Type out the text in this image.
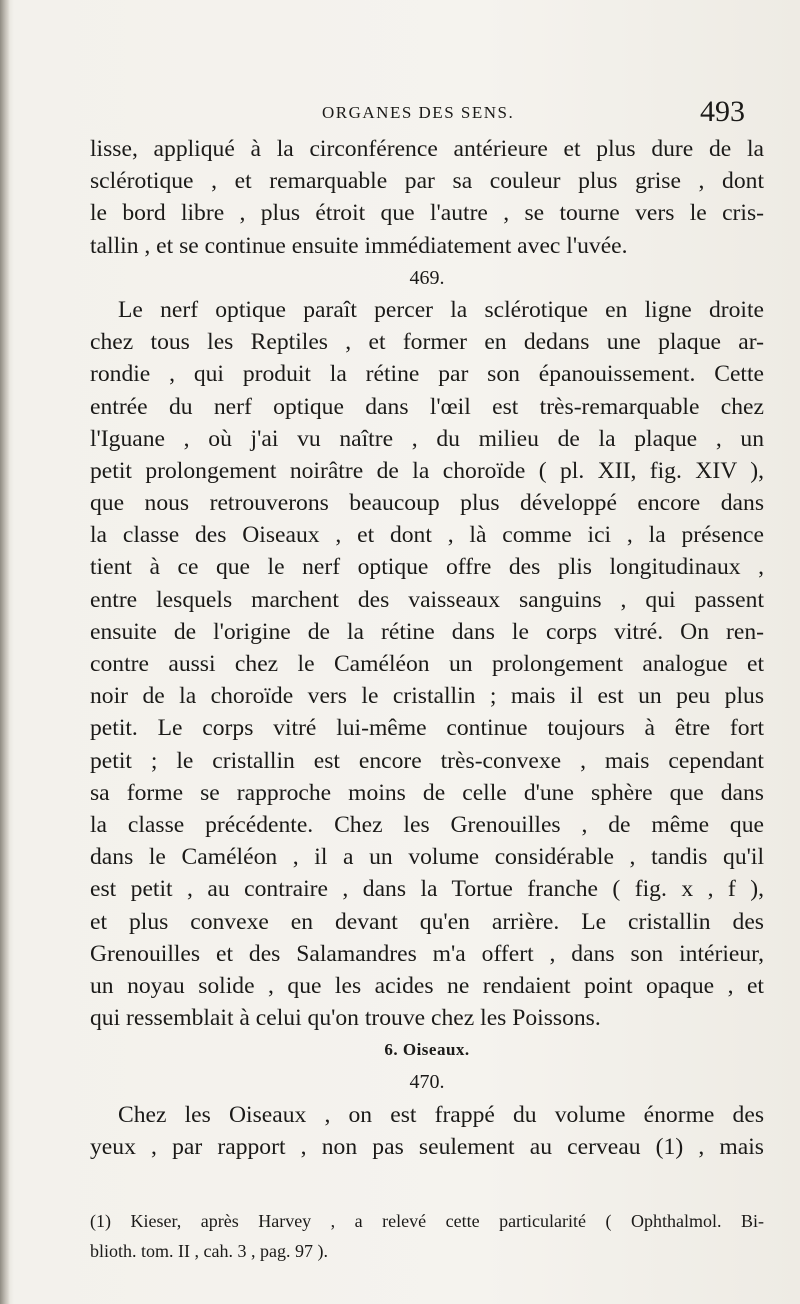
ORGANES DES SENS.	493
lisse, appliqué à la circonférence antérieure et plus dure de la
sclérotique , et remarquable par sa couleur plus grise , dont
le bord libre , plus étroit que l'autre , se tourne vers le cris-
tallin , et se continue ensuite immédiatement avec l'uvée.
469.
Le nerf optique paraît percer la sclérotique en ligne droite
chez tous les Reptiles , et former en dedans une plaque ar-
rondie , qui produit la rétine par son épanouissement. Cette
entrée du nerf optique dans l'œil est très-remarquable chez
l'Iguane , où j'ai vu naître , du milieu de la plaque , un
petit prolongement noirâtre de la choroïde ( pl. XII, fig. XIV ),
que nous retrouverons beaucoup plus développé encore dans
la classe des Oiseaux , et dont , là comme ici , la présence
tient à ce que le nerf optique offre des plis longitudinaux ,
entre lesquels marchent des vaisseaux sanguins , qui passent
ensuite de l'origine de la rétine dans le corps vitré. On ren-
contre aussi chez le Caméléon un prolongement analogue et
noir de la choroïde vers le cristallin ; mais il est un peu plus
petit. Le corps vitré lui-même continue toujours à être fort
petit ; le cristallin est encore très-convexe , mais cependant
sa forme se rapproche moins de celle d'une sphère que dans
la classe précédente. Chez les Grenouilles , de même que
dans le Caméléon , il a un volume considérable , tandis qu'il
est petit , au contraire , dans la Tortue franche ( fig. x , f ),
et plus convexe en devant qu'en arrière. Le cristallin des
Grenouilles et des Salamandres m'a offert , dans son intérieur,
un noyau solide , que les acides ne rendaient point opaque , et
qui ressemblait à celui qu'on trouve chez les Poissons.
6. Oiseaux.
470.
Chez les Oiseaux , on est frappé du volume énorme des
yeux , par rapport , non pas seulement au cerveau (1) , mais
(1) Kieser, après Harvey , a relevé cette particularité ( Ophthalmol. Bi-
blioth. tom. II , cah. 3 , pag. 97 ).
